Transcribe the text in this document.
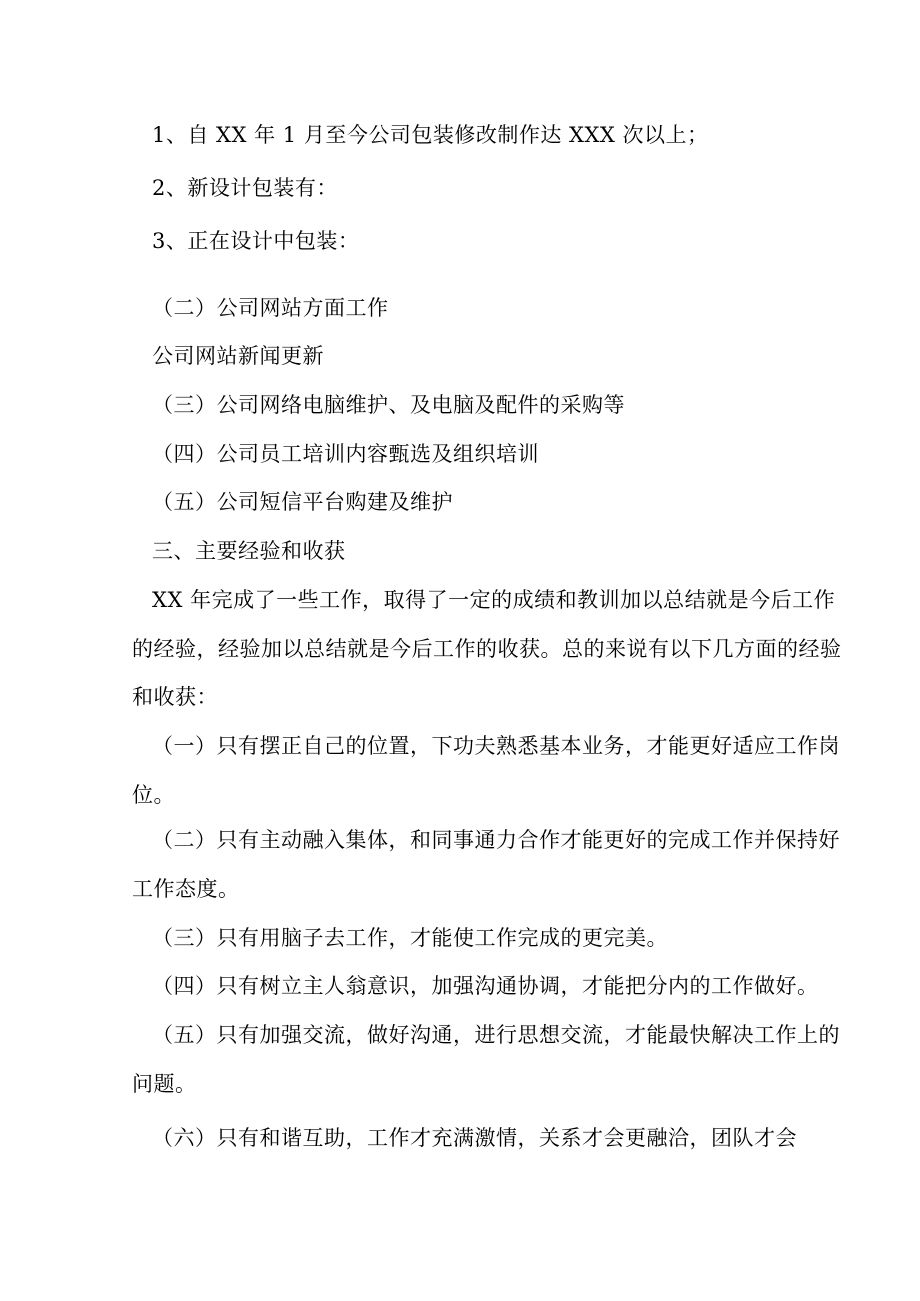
1、自 XX 年 1 月至今公司包装修改制作达 XXX 次以上；
2、新设计包装有：
3、正在设计中包装：
（二）公司网站方面工作
公司网站新闻更新
（三）公司网络电脑维护、及电脑及配件的采购等
（四）公司员工培训内容甄选及组织培训
（五）公司短信平台购建及维护
三、主要经验和收获
XX 年完成了一些工作，取得了一定的成绩和教训加以总结就是今后工作
的经验，经验加以总结就是今后工作的收获。总的来说有以下几方面的经验
和收获：
（一）只有摆正自己的位置，下功夫熟悉基本业务，才能更好适应工作岗
位。
（二）只有主动融入集体，和同事通力合作才能更好的完成工作并保持好
工作态度。
（三）只有用脑子去工作，才能使工作完成的更完美。
（四）只有树立主人翁意识，加强沟通协调，才能把分内的工作做好。
（五）只有加强交流，做好沟通，进行思想交流，才能最快解决工作上的
问题。
（六）只有和谐互助，工作才充满激情，关系才会更融洽，团队才会
